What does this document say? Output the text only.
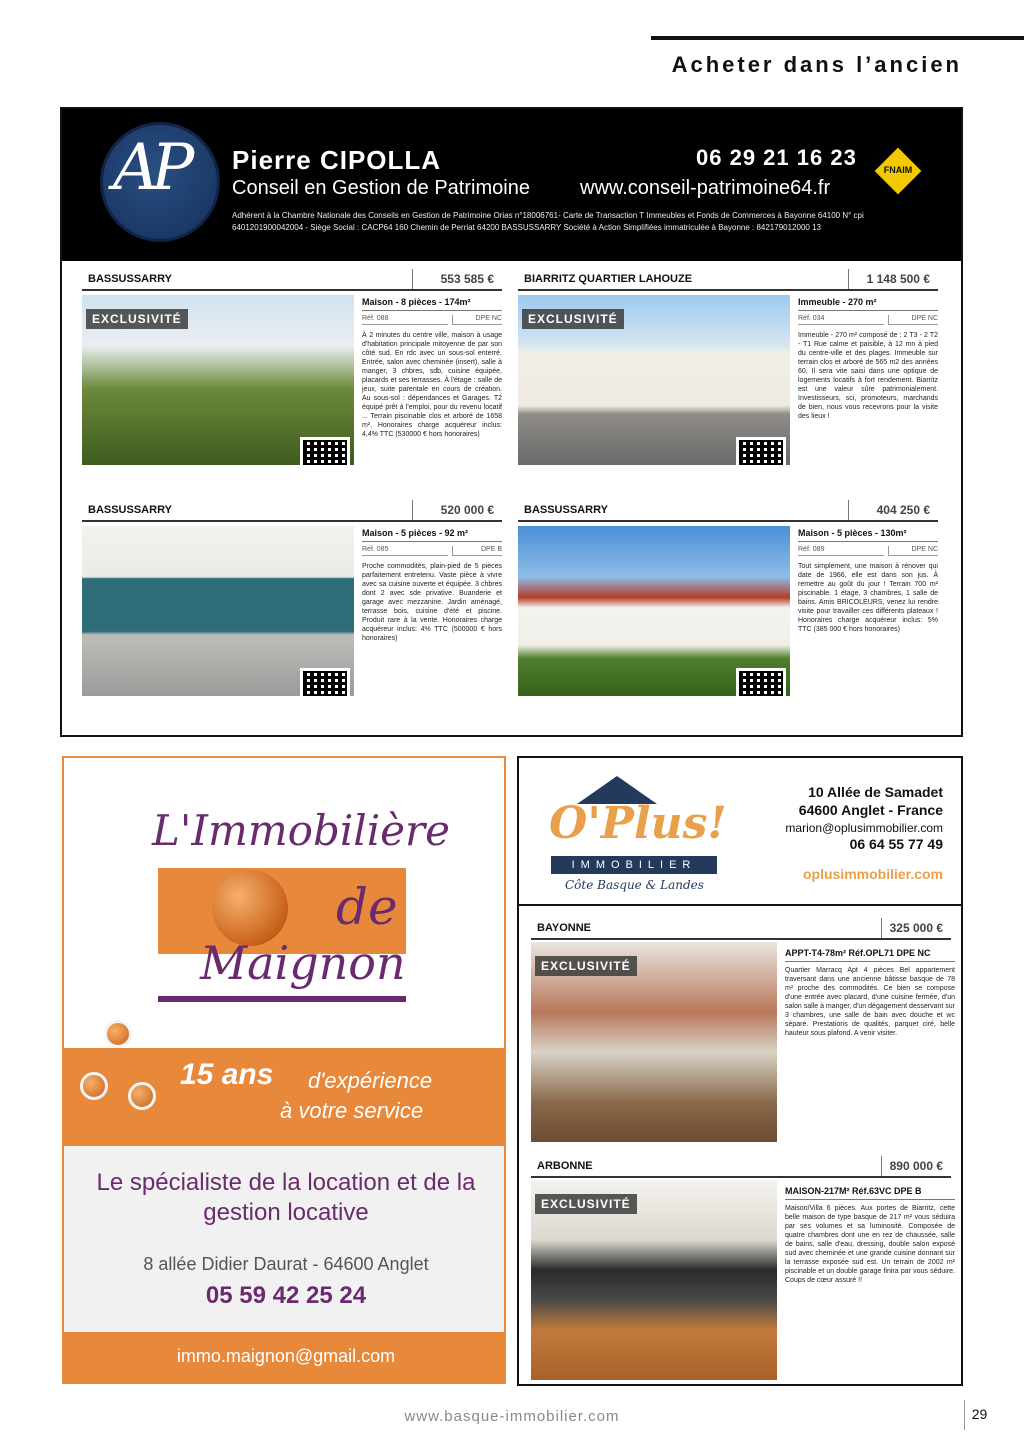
Acheter dans l’ancien
AP Pierre CIPOLLA
Conseil en Gestion de Patrimoine
06 29 21 16 23
www.conseil-patrimoine64.fr
FNAIM
Adhérent à la Chambre Nationale des Conseils en Gestion de Patrimoine Orias n°18006761- Carte de Transaction T Immeubles et Fonds de Commerces à Bayonne 64100 N° cpi 6401201900042004 - Siège Social : CACP64 160 Chemin de Perriat 64200 BASSUSSARRY Société à Action Simplifiées immatriculée à Bayonne : 842179012000 13
BASSUSSARRY	553 585 €
EXCLUSIVITÉ
Maison - 8 pièces - 174m²
Réf. 088	DPE NC
À 2 minutes du centre ville, maison à usage d'habitation principale mitoyenne de par son côté sud. En rdc avec un sous-sol enterré. Entrée, salon avec cheminée (insert), salle à manger, 3 chbres, sdb, cuisine équipée, placards et ses terrasses. À l'étage : salle de jeux, suite parentale en cours de création. Au sous-sol : dépendances et Garages. T2 équipé prêt à l'emploi, pour du revenu locatif ... Terrain piscinable clos et arboré de 1658 m². Honoraires charge acquéreur inclus: 4,4% TTC (530000 € hors honoraires)
BIARRITZ QUARTIER LAHOUZE	1 148 500 €
EXCLUSIVITÉ
Immeuble - 270 m²
Réf. 034	DPE NC
Immeuble - 270 m² composé de : 2 T3 - 2 T2 - T1 Rue calme et paisible, à 12 mn à pied du centre-ville et des plages. Immeuble sur terrain clos et arboré de 565 m2 des années 60. Il sera vite saisi dans une optique de logements locatifs à fort rendement. Biarritz est une valeur sûre patrimonialement. Investisseurs, sci, promoteurs, marchands de bien, nous vous recevrons pour la visite des lieux !
BASSUSSARRY	520 000 €
Maison - 5 pièces - 92 m²
Réf. 085	DPE B
Proche commodités, plain-pied de 5 pièces parfaitement entretenu. Vaste pièce à vivre avec sa cuisine ouverte et équipée. 3 chbres dont 2 avec sde privative. Buanderie et garage avec mezzanine. Jardin aménagé, terrasse bois, cuisine d'été et piscine. Produit rare à la vente. Honoraires charge acquéreur inclus: 4% TTC (500000 € hors honoraires)
BASSUSSARRY	404 250 €
Maison - 5 pièces - 130m²
Réf. 089	DPE NC
Tout simplement, une maison à rénover qui date de 1966, elle est dans son jus. À remettre au goût du jour ! Terrain 700 m² piscinable. 1 étage, 3 chambres, 1 salle de bains. Amis BRICOLEURS, venez lui rendre visite pour travailler ces différents plateaux ! Honoraires charge acquéreur inclus: 5% TTC (385 000 € hors honoraires)
L'Immobilière
de
Maignon
15 ans d'expérience
à votre service
Le spécialiste de la location et de la gestion locative
8 allée Didier Daurat - 64600 Anglet
05 59 42 25 24
immo.maignon@gmail.com
O'Plus!
IMMOBILIER
Côte Basque & Landes
10 Allée de Samadet
64600 Anglet - France
marion@oplusimmobilier.com
06 64 55 77 49
oplusimmobilier.com
BAYONNE	325 000 €
EXCLUSIVITÉ
APPT-T4-78m² Réf.OPL71 DPE NC
Quartier Marracq Apt 4 pièces Bel appartement traversant dans une ancienne bâtisse basque de 78 m² proche des commodités. Ce bien se compose d'une entrée avec placard, d'une cuisine fermée, d'un salon salle à manger, d'un dégagement desservant sur 3 chambres, une salle de bain avec douche et wc séparé. Prestations de qualités, parquet ciré, belle hauteur sous plafond. A venir visiter.
ARBONNE	890 000 €
EXCLUSIVITÉ
MAISON-217M² Réf.63VC DPE B
Maison/Villa 6 pièces. Aux portes de Biarritz, cette belle maison de type basque de 217 m² vous séduira par ses volumes et sa luminosité. Composée de quatre chambres dont une en rez de chaussée, salle de bains, salle d'eau, dressing, double salon exposé sud avec cheminée et une grande cuisine donnant sur la terrasse exposée sud est. Un terrain de 2002 m² piscinable et un double garage finira par vous séduire. Coups de cœur assuré !!
www.basque-immobilier.com	29
